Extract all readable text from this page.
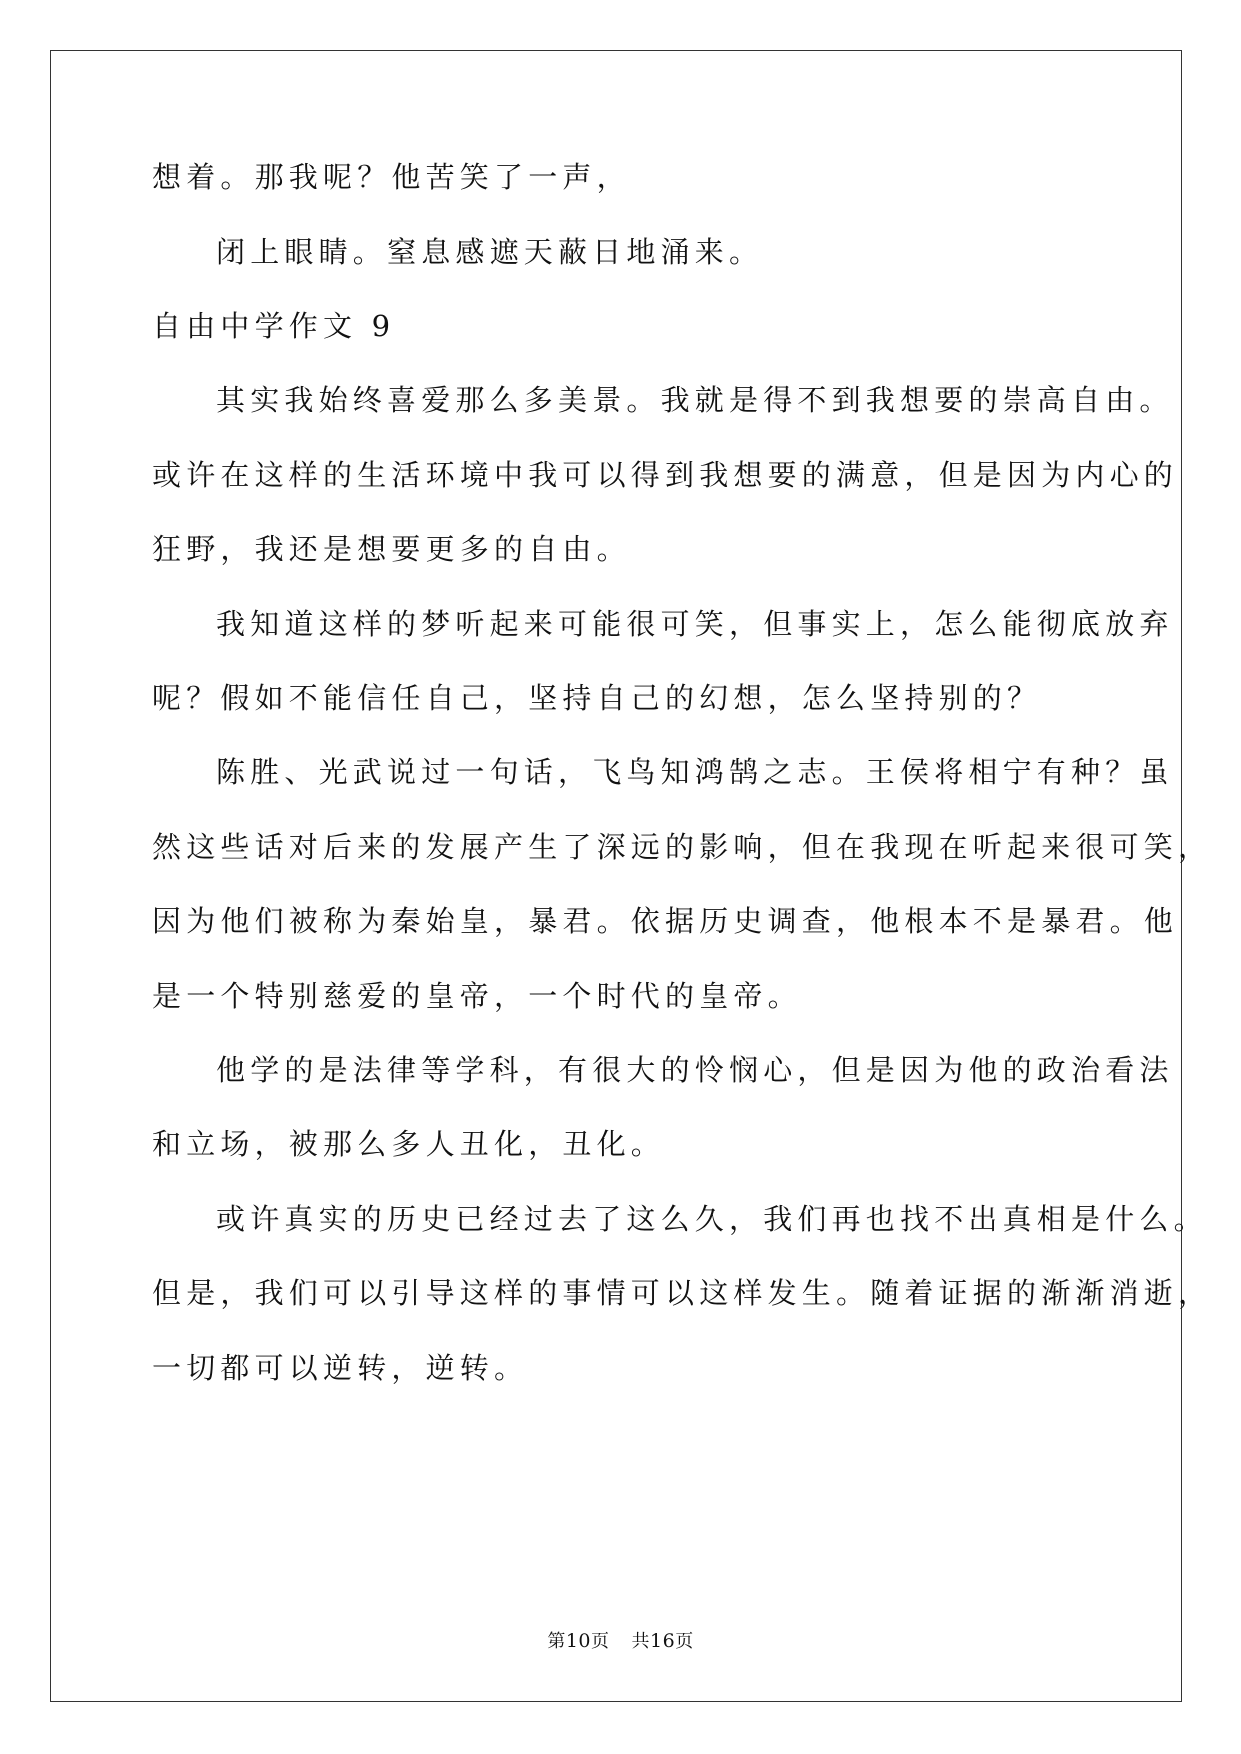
想着。那我呢？他苦笑了一声，
闭上眼睛。窒息感遮天蔽日地涌来。
自由中学作文 9
其实我始终喜爱那么多美景。我就是得不到我想要的崇高自由。
或许在这样的生活环境中我可以得到我想要的满意，但是因为内心的
狂野，我还是想要更多的自由。
我知道这样的梦听起来可能很可笑，但事实上，怎么能彻底放弃
呢？假如不能信任自己，坚持自己的幻想，怎么坚持别的？
陈胜、光武说过一句话，飞鸟知鸿鹄之志。王侯将相宁有种？虽
然这些话对后来的发展产生了深远的影响，但在我现在听起来很可笑，
因为他们被称为秦始皇，暴君。依据历史调查，他根本不是暴君。他
是一个特别慈爱的皇帝，一个时代的皇帝。
他学的是法律等学科，有很大的怜悯心，但是因为他的政治看法
和立场，被那么多人丑化，丑化。
或许真实的历史已经过去了这么久，我们再也找不出真相是什么。
但是，我们可以引导这样的事情可以这样发生。随着证据的渐渐消逝，
一切都可以逆转，逆转。
第10页 共16页
